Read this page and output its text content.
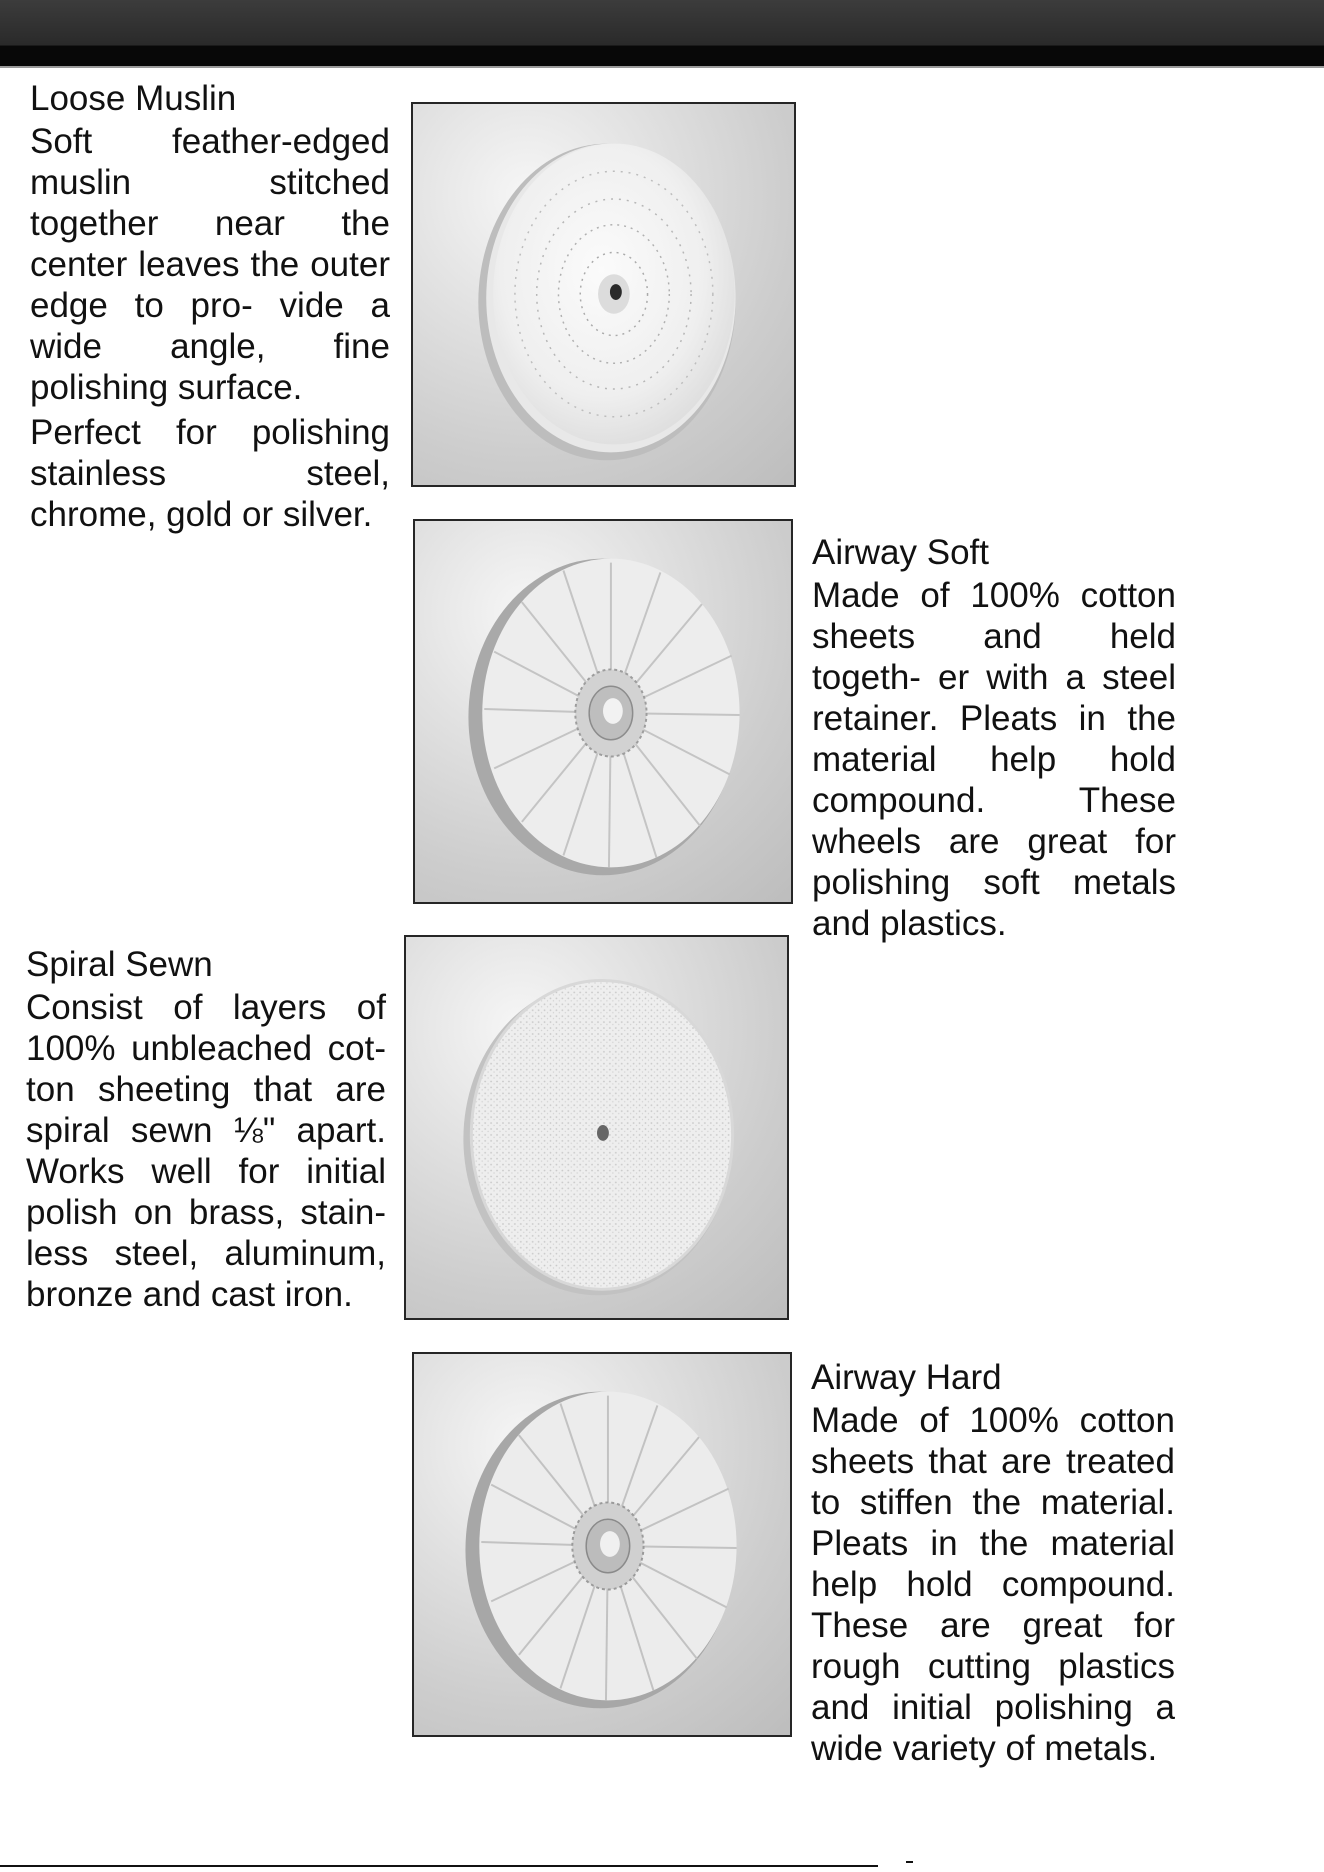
Loose Muslin

Soft feather-edged muslin stitched together near the center leaves the outer edge to pro‑ vide a wide angle, fine polishing surface.

Perfect for polishing stainless steel, chrome, gold or silver.

Airway Soft

Made of 100% cotton sheets and held togeth‑ er with a steel retainer. Pleats in the material help hold compound. These wheels are great for polishing soft metals and plastics.

Spiral Sewn

Consist of layers of 100% unbleached cot‑ ton sheeting that are spiral sewn ⅛" apart. Works well for initial polish on brass, stain‑ less steel, aluminum, bronze and cast iron.

Airway Hard

Made of 100% cotton sheets that are treated to stiffen the material. Pleats in the material help hold compound. These are great for rough cutting plastics and initial polishing a wide variety of metals.
